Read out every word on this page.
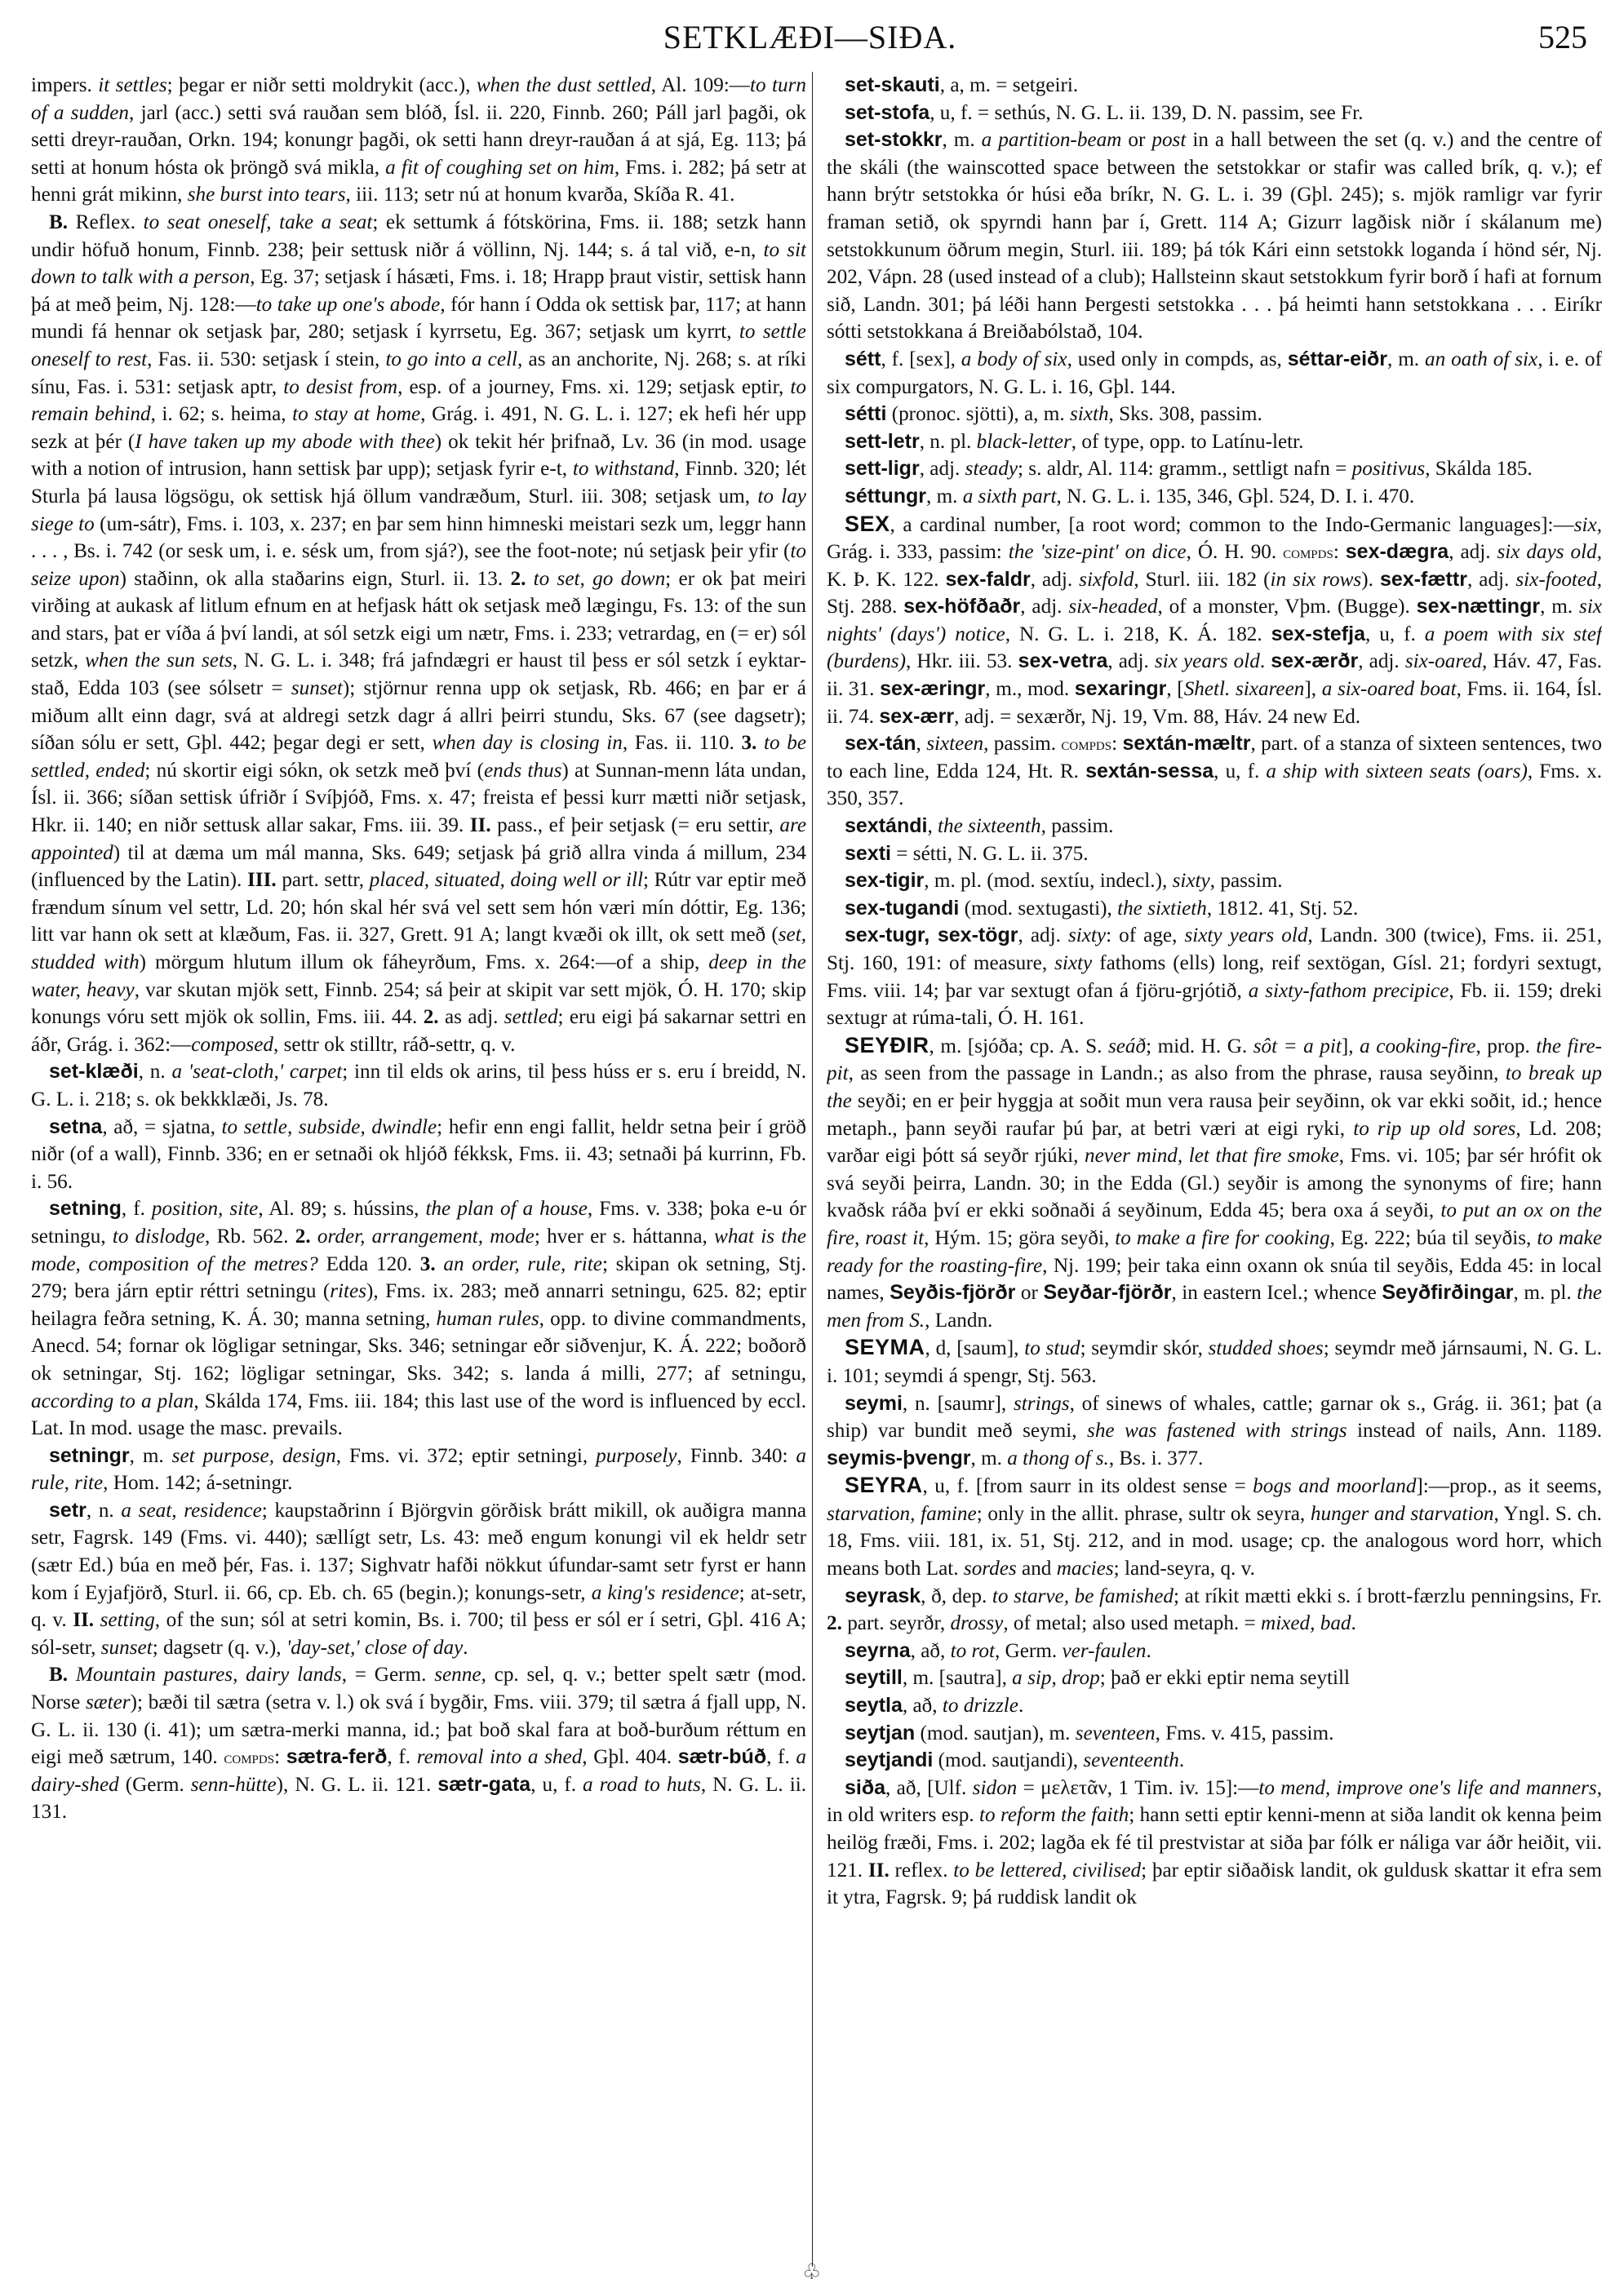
SETKLÆÐI—SIÐA.	525

impers. it settles; þegar er niðr setti moldrykit (acc.), when the dust settled, Al. 109:—to turn of a sudden, jarl (acc.) setti svá rauðan sem blóð, Ísl. ii. 220, Finnb. 260; Páll jarl þagði, ok setti dreyr-rauðan, Orkn. 194; konungr þagði, ok setti hann dreyr-rauðan á at sjá, Eg. 113; þá setti at honum hósta ok þröngð svá mikla, a fit of coughing set on him, Fms. i. 282; þá setr at henni grát mikinn, she burst into tears, iii. 113; setr nú at honum kvarða, Skíða R. 41.

B. Reflex. to seat oneself, take a seat; ek settumk á fótskörina, Fms. ii. 188; setzk hann undir höfuð honum, Finnb. 238; þeir settusk niðr á völlinn, Nj. 144; s. á tal við, e-n, to sit down to talk with a person, Eg. 37; setjask í hásæti, Fms. i. 18; Hrapp þraut vistir, settisk hann þá at með þeim, Nj. 128:—to take up one's abode, fór hann í Odda ok settisk þar, 117; at hann mundi fá hennar ok setjask þar, 280; setjask í kyrrsetu, Eg. 367; setjask um kyrrt, to settle oneself to rest, Fas. ii. 530: setjask í stein, to go into a cell, as an anchorite, Nj. 268; s. at ríki sínu, Fas. i. 531: setjask aptr, to desist from, esp. of a journey, Fms. xi. 129; setjask eptir, to remain behind, i. 62; s. heima, to stay at home, Grág. i. 491, N. G. L. i. 127; ek hefi hér upp sezk at þér (I have taken up my abode with thee) ok tekit hér þrifnað, Lv. 36 (in mod. usage with a notion of intrusion, hann settisk þar upp); setjask fyrir e-t, to withstand, Finnb. 320; lét Sturla þá lausa lögsögu, ok settisk hjá öllum vandræðum, Sturl. iii. 308; setjask um, to lay siege to (um-sátr), Fms. i. 103, x. 237; en þar sem hinn himneski meistari sezk um, leggr hann . . . , Bs. i. 742 (or sesk um, i. e. sésk um, from sjá?), see the foot-note; nú setjask þeir yfir (to seize upon) staðinn, ok alla staðarins eign, Sturl. ii. 13. 2. to set, go down; er ok þat meiri virðing at aukask af litlum efnum en at hefjask hátt ok setjask með lægingu, Fs. 13: of the sun and stars, þat er víða á því landi, at sól setzk eigi um nætr, Fms. i. 233; vetrardag, en (= er) sól setzk, when the sun sets, N. G. L. i. 348; frá jafndægri er haust til þess er sól setzk í eyktar-stað, Edda 103 (see sólsetr = sunset); stjörnur renna upp ok setjask, Rb. 466; en þar er á miðum allt einn dagr, svá at aldregi setzk dagr á allri þeirri stundu, Sks. 67 (see dagsetr); síðan sólu er sett, Gþl. 442; þegar degi er sett, when day is closing in, Fas. ii. 110. 3. to be settled, ended; nú skortir eigi sókn, ok setzk með því (ends thus) at Sunnan-menn láta undan, Ísl. ii. 366; síðan settisk úfriðr í Svíþjóð, Fms. x. 47; freista ef þessi kurr mætti niðr setjask, Hkr. ii. 140; en niðr settusk allar sakar, Fms. iii. 39. II. pass., ef þeir setjask (= eru settir, are appointed) til at dæma um mál manna, Sks. 649; setjask þá grið allra vinda á millum, 234 (influenced by the Latin). III. part. settr, placed, situated, doing well or ill; Rútr var eptir með frændum sínum vel settr, Ld. 20; hón skal hér svá vel sett sem hón væri mín dóttir, Eg. 136; litt var hann ok sett at klæðum, Fas. ii. 327, Grett. 91 A; langt kvæði ok illt, ok sett með (set, studded with) mörgum hlutum illum ok fáheyrðum, Fms. x. 264:—of a ship, deep in the water, heavy, var skutan mjök sett, Finnb. 254; sá þeir at skipit var sett mjök, Ó. H. 170; skip konungs vóru sett mjök ok sollin, Fms. iii. 44. 2. as adj. settled; eru eigi þá sakarnar settri en áðr, Grág. i. 362:—composed, settr ok stilltr, ráð-settr, q. v.

set-klæði, n. a 'seat-cloth,' carpet; inn til elds ok arins, til þess húss er s. eru í breidd, N. G. L. i. 218; s. ok bekkklæði, Js. 78.

setna, að, = sjatna, to settle, subside, dwindle; hefir enn engi fallit, heldr setna þeir í gröð niðr (of a wall), Finnb. 336; en er setnaði ok hljóð fékksk, Fms. ii. 43; setnaði þá kurrinn, Fb. i. 56.

setning, f. position, site, Al. 89; s. hússins, the plan of a house, Fms. v. 338; þoka e-u ór setningu, to dislodge, Rb. 562. 2. order, arrangement, mode; hver er s. háttanna, what is the mode, composition of the metres? Edda 120. 3. an order, rule, rite; skipan ok setning, Stj. 279; bera járn eptir réttri setningu (rites), Fms. ix. 283; með annarri setningu, 625. 82; eptir heilagra feðra setning, K. Á. 30; manna setning, human rules, opp. to divine commandments, Anecd. 54; fornar ok lögligar setningar, Sks. 346; setningar eðr siðvenjur, K. Á. 222; boðorð ok setningar, Stj. 162; lögligar setningar, Sks. 342; s. landa á milli, 277; af setningu, according to a plan, Skálda 174, Fms. iii. 184; this last use of the word is influenced by eccl. Lat. In mod. usage the masc. prevails.

setningr, m. set purpose, design, Fms. vi. 372; eptir setningi, purposely, Finnb. 340: a rule, rite, Hom. 142; á-setningr.

setr, n. a seat, residence; kaupstaðrinn í Björgvin görðisk brátt mikill, ok auðigra manna setr, Fagrsk. 149 (Fms. vi. 440); sællígt setr, Ls. 43: með engum konungi vil ek heldr setr (sætr Ed.) búa en með þér, Fas. i. 137; Sighvatr hafði nökkut úfundar-samt setr fyrst er hann kom í Eyjafjörð, Sturl. ii. 66, cp. Eb. ch. 65 (begin.); konungs-setr, a king's residence; at-setr, q. v. II. setting, of the sun; sól at setri komin, Bs. i. 700; til þess er sól er í setri, Gþl. 416 A; sól-setr, sunset; dagsetr (q. v.), 'day-set,' close of day.

B. Mountain pastures, dairy lands, = Germ. senne, cp. sel, q. v.; better spelt sætr (mod. Norse sæter); bæði til sætra (setra v. l.) ok svá í bygðir, Fms. viii. 379; til sætra á fjall upp, N. G. L. ii. 130 (i. 41); um sætra-merki manna, id.; þat boð skal fara at boð-burðum réttum en eigi með sætrum, 140. compds: sætra-ferð, f. removal into a shed, Gþl. 404. sætr-búð, f. a dairy-shed (Germ. senn-hütte), N. G. L. ii. 121. sætr-gata, u, f. a road to huts, N. G. L. ii. 131.

♧

set-skauti, a, m. = setgeiri.

set-stofa, u, f. = sethús, N. G. L. ii. 139, D. N. passim, see Fr.

set-stokkr, m. a partition-beam or post in a hall between the set (q. v.) and the centre of the skáli (the wainscotted space between the setstokkar or stafir was called brík, q. v.); ef hann brýtr setstokka ór húsi eða bríkr, N. G. L. i. 39 (Gþl. 245); s. mjök ramligr var fyrir framan setið, ok spyrndi hann þar í, Grett. 114 A; Gizurr lagðisk niðr í skálanum me) setstokkunum öðrum megin, Sturl. iii. 189; þá tók Kári einn setstokk loganda í hönd sér, Nj. 202, Vápn. 28 (used instead of a club); Hallsteinn skaut setstokkum fyrir borð í hafi at fornum sið, Landn. 301; þá léði hann Þergesti setstokka . . . þá heimti hann setstokkana . . . Eiríkr sótti setstokkana á Breiðabólstað, 104.

sétt, f. [sex], a body of six, used only in compds, as, séttar-eiðr, m. an oath of six, i. e. of six compurgators, N. G. L. i. 16, Gþl. 144.

sétti (pronoc. sjötti), a, m. sixth, Sks. 308, passim.

sett-letr, n. pl. black-letter, of type, opp. to Latínu-letr.

sett-ligr, adj. steady; s. aldr, Al. 114: gramm., settligt nafn = positivus, Skálda 185.

séttungr, m. a sixth part, N. G. L. i. 135, 346, Gþl. 524, D. I. i. 470.

SEX, a cardinal number, [a root word; common to the Indo-Germanic languages]:—six, Grág. i. 333, passim: the 'size-pint' on dice, Ó. H. 90. compds: sex-dægra, adj. six days old, K. Þ. K. 122. sex-faldr, adj. sixfold, Sturl. iii. 182 (in six rows). sex-fættr, adj. six-footed, Stj. 288. sex-höfðaðr, adj. six-headed, of a monster, Vþm. (Bugge). sex-nættingr, m. six nights' (days') notice, N. G. L. i. 218, K. Á. 182. sex-stefja, u, f. a poem with six stef (burdens), Hkr. iii. 53. sex-vetra, adj. six years old. sex-ærðr, adj. six-oared, Háv. 47, Fas. ii. 31. sex-æringr, m., mod. sexaringr, [Shetl. sixareen], a six-oared boat, Fms. ii. 164, Ísl. ii. 74. sex-ærr, adj. = sexærðr, Nj. 19, Vm. 88, Háv. 24 new Ed.

sex-tán, sixteen, passim. compds: sextán-mæltr, part. of a stanza of sixteen sentences, two to each line, Edda 124, Ht. R. sextán-sessa, u, f. a ship with sixteen seats (oars), Fms. x. 350, 357.

sextándi, the sixteenth, passim.

sexti = sétti, N. G. L. ii. 375.

sex-tigir, m. pl. (mod. sextíu, indecl.), sixty, passim.

sex-tugandi (mod. sextugasti), the sixtieth, 1812. 41, Stj. 52.

sex-tugr, sex-tögr, adj. sixty: of age, sixty years old, Landn. 300 (twice), Fms. ii. 251, Stj. 160, 191: of measure, sixty fathoms (ells) long, reif sextögan, Gísl. 21; fordyri sextugt, Fms. viii. 14; þar var sextugt ofan á fjöru-grjótið, a sixty-fathom precipice, Fb. ii. 159; dreki sextugr at rúma-tali, Ó. H. 161.

SEYÐIR, m. [sjóða; cp. A. S. seáð; mid. H. G. sôt = a pit], a cooking-fire, prop. the fire-pit, as seen from the passage in Landn.; as also from the phrase, rausa seyðinn, to break up the seyði; en er þeir hyggja at soðit mun vera rausa þeir seyðinn, ok var ekki soðit, id.; hence metaph., þann seyði raufar þú þar, at betri væri at eigi ryki, to rip up old sores, Ld. 208; varðar eigi þótt sá seyðr rjúki, never mind, let that fire smoke, Fms. vi. 105; þar sér hrófit ok svá seyði þeirra, Landn. 30; in the Edda (Gl.) seyðir is among the synonyms of fire; hann kvaðsk ráða því er ekki soðnaði á seyðinum, Edda 45; bera oxa á seyði, to put an ox on the fire, roast it, Hým. 15; göra seyði, to make a fire for cooking, Eg. 222; búa til seyðis, to make ready for the roasting-fire, Nj. 199; þeir taka einn oxann ok snúa til seyðis, Edda 45: in local names, Seyðis-fjörðr or Seyðar-fjörðr, in eastern Icel.; whence Seyðfirðingar, m. pl. the men from S., Landn.

SEYMA, d, [saum], to stud; seymdir skór, studded shoes; seymdr með járnsaumi, N. G. L. i. 101; seymdi á spengr, Stj. 563.

seymi, n. [saumr], strings, of sinews of whales, cattle; garnar ok s., Grág. ii. 361; þat (a ship) var bundit með seymi, she was fastened with strings instead of nails, Ann. 1189. seymis-þvengr, m. a thong of s., Bs. i. 377.

SEYRA, u, f. [from saurr in its oldest sense = bogs and moorland]:—prop., as it seems, starvation, famine; only in the allit. phrase, sultr ok seyra, hunger and starvation, Yngl. S. ch. 18, Fms. viii. 181, ix. 51, Stj. 212, and in mod. usage; cp. the analogous word horr, which means both Lat. sordes and macies; land-seyra, q. v.

seyrask, ð, dep. to starve, be famished; at ríkit mætti ekki s. í brott-færzlu penningsins, Fr. 2. part. seyrðr, drossy, of metal; also used metaph. = mixed, bad.

seyrna, að, to rot, Germ. ver-faulen.

seytill, m. [sautra], a sip, drop; það er ekki eptir nema seytill

seytla, að, to drizzle.

seytjan (mod. sautjan), m. seventeen, Fms. v. 415, passim.

seytjandi (mod. sautjandi), seventeenth.

siða, að, [Ulf. sidon = μελετᾶν, 1 Tim. iv. 15]:—to mend, improve one's life and manners, in old writers esp. to reform the faith; hann setti eptir kenni-menn at siða landit ok kenna þeim heilög fræði, Fms. i. 202; lagða ek fé til prestvistar at siða þar fólk er náliga var áðr heiðit, vii. 121. II. reflex. to be lettered, civilised; þar eptir siðaðisk landit, ok guldusk skattar it efra sem it ytra, Fagrsk. 9; þá ruddisk landit ok
